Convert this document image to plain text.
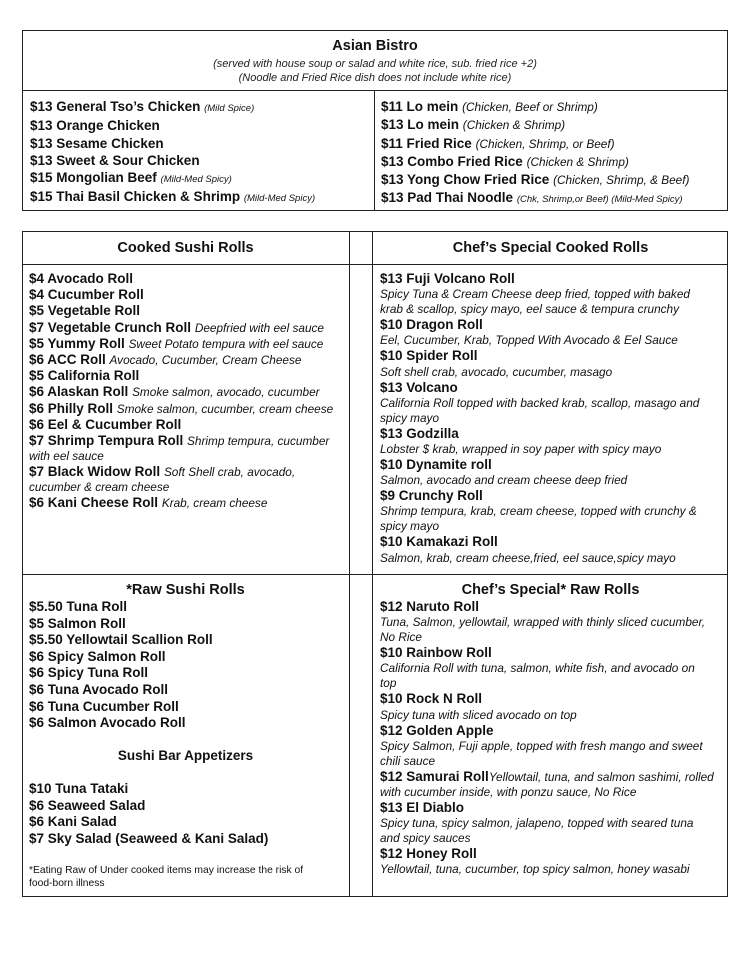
Asian Bistro
(served with house soup or salad and white rice, sub. fried rice +2)
(Noodle and Fried Rice dish does not include white rice)
$13 General Tso’s Chicken (Mild Spice)
$13 Orange Chicken
$13 Sesame Chicken
$13 Sweet & Sour Chicken
$15 Mongolian Beef (Mild-Med Spicy)
$15 Thai Basil Chicken & Shrimp (Mild-Med Spicy)
$11 Lo mein (Chicken, Beef or Shrimp)
$13 Lo mein (Chicken & Shrimp)
$11 Fried Rice (Chicken, Shrimp, or Beef)
$13 Combo Fried Rice (Chicken & Shrimp)
$13 Yong Chow Fried Rice (Chicken, Shrimp, & Beef)
$13 Pad Thai Noodle (Chk, Shrimp,or Beef) (Mild-Med Spicy)
Cooked Sushi Rolls	Chef’s Special Cooked Rolls
$4 Avocado Roll
$4 Cucumber Roll
$5 Vegetable Roll
$7 Vegetable Crunch Roll Deepfried with eel sauce
$5 Yummy Roll Sweet Potato tempura with eel sauce
$6 ACC Roll Avocado, Cucumber, Cream Cheese
$5 California Roll
$6 Alaskan Roll Smoke salmon, avocado, cucumber
$6 Philly Roll Smoke salmon, cucumber, cream cheese
$6 Eel & Cucumber Roll
$7 Shrimp Tempura Roll Shrimp tempura, cucumber
with eel sauce
$7 Black Widow Roll Soft Shell crab, avocado,
cucumber & cream cheese
$6 Kani Cheese Roll Krab, cream cheese
$13 Fuji Volcano Roll
Spicy Tuna & Cream Cheese deep fried, topped with baked
krab & scallop, spicy mayo, eel sauce & tempura crunchy
$10 Dragon Roll
Eel, Cucumber, Krab, Topped With Avocado & Eel Sauce
$10 Spider Roll
Soft shell crab, avocado, cucumber, masago
$13 Volcano
California Roll topped with backed krab, scallop, masago and
spicy mayo
$13 Godzilla
Lobster $ krab, wrapped in soy paper with spicy mayo
$10 Dynamite roll
Salmon, avocado and cream cheese deep fried
$9 Crunchy Roll
Shrimp tempura, krab, cream cheese, topped with crunchy &
spicy mayo
$10 Kamakazi Roll
Salmon, krab, cream cheese,fried, eel sauce,spicy mayo
*Raw Sushi Rolls
$5.50 Tuna Roll
$5 Salmon Roll
$5.50 Yellowtail Scallion Roll
$6 Spicy Salmon Roll
$6 Spicy Tuna Roll
$6 Tuna Avocado Roll
$6 Tuna Cucumber Roll
$6 Salmon Avocado Roll
Sushi Bar Appetizers
$10 Tuna Tataki
$6 Seaweed Salad
$6 Kani Salad
$7 Sky Salad (Seaweed & Kani Salad)
*Eating Raw of Under cooked items may increase the risk of
food-born illness
Chef’s Special* Raw Rolls
$12 Naruto Roll
Tuna, Salmon, yellowtail, wrapped with thinly sliced cucumber,
No Rice
$10 Rainbow Roll
California Roll with tuna, salmon, white fish, and avocado on
top
$10 Rock N Roll
Spicy tuna with sliced avocado on top
$12 Golden Apple
Spicy Salmon, Fuji apple, topped with fresh mango and sweet
chili sauce
$12 Samurai RollYellowtail, tuna, and salmon sashimi, rolled
with cucumber inside, with ponzu sauce, No Rice
$13 El Diablo
Spicy tuna, spicy salmon, jalapeno, topped with seared tuna
and spicy sauces
$12 Honey Roll
Yellowtail, tuna, cucumber, top spicy salmon, honey wasabi
